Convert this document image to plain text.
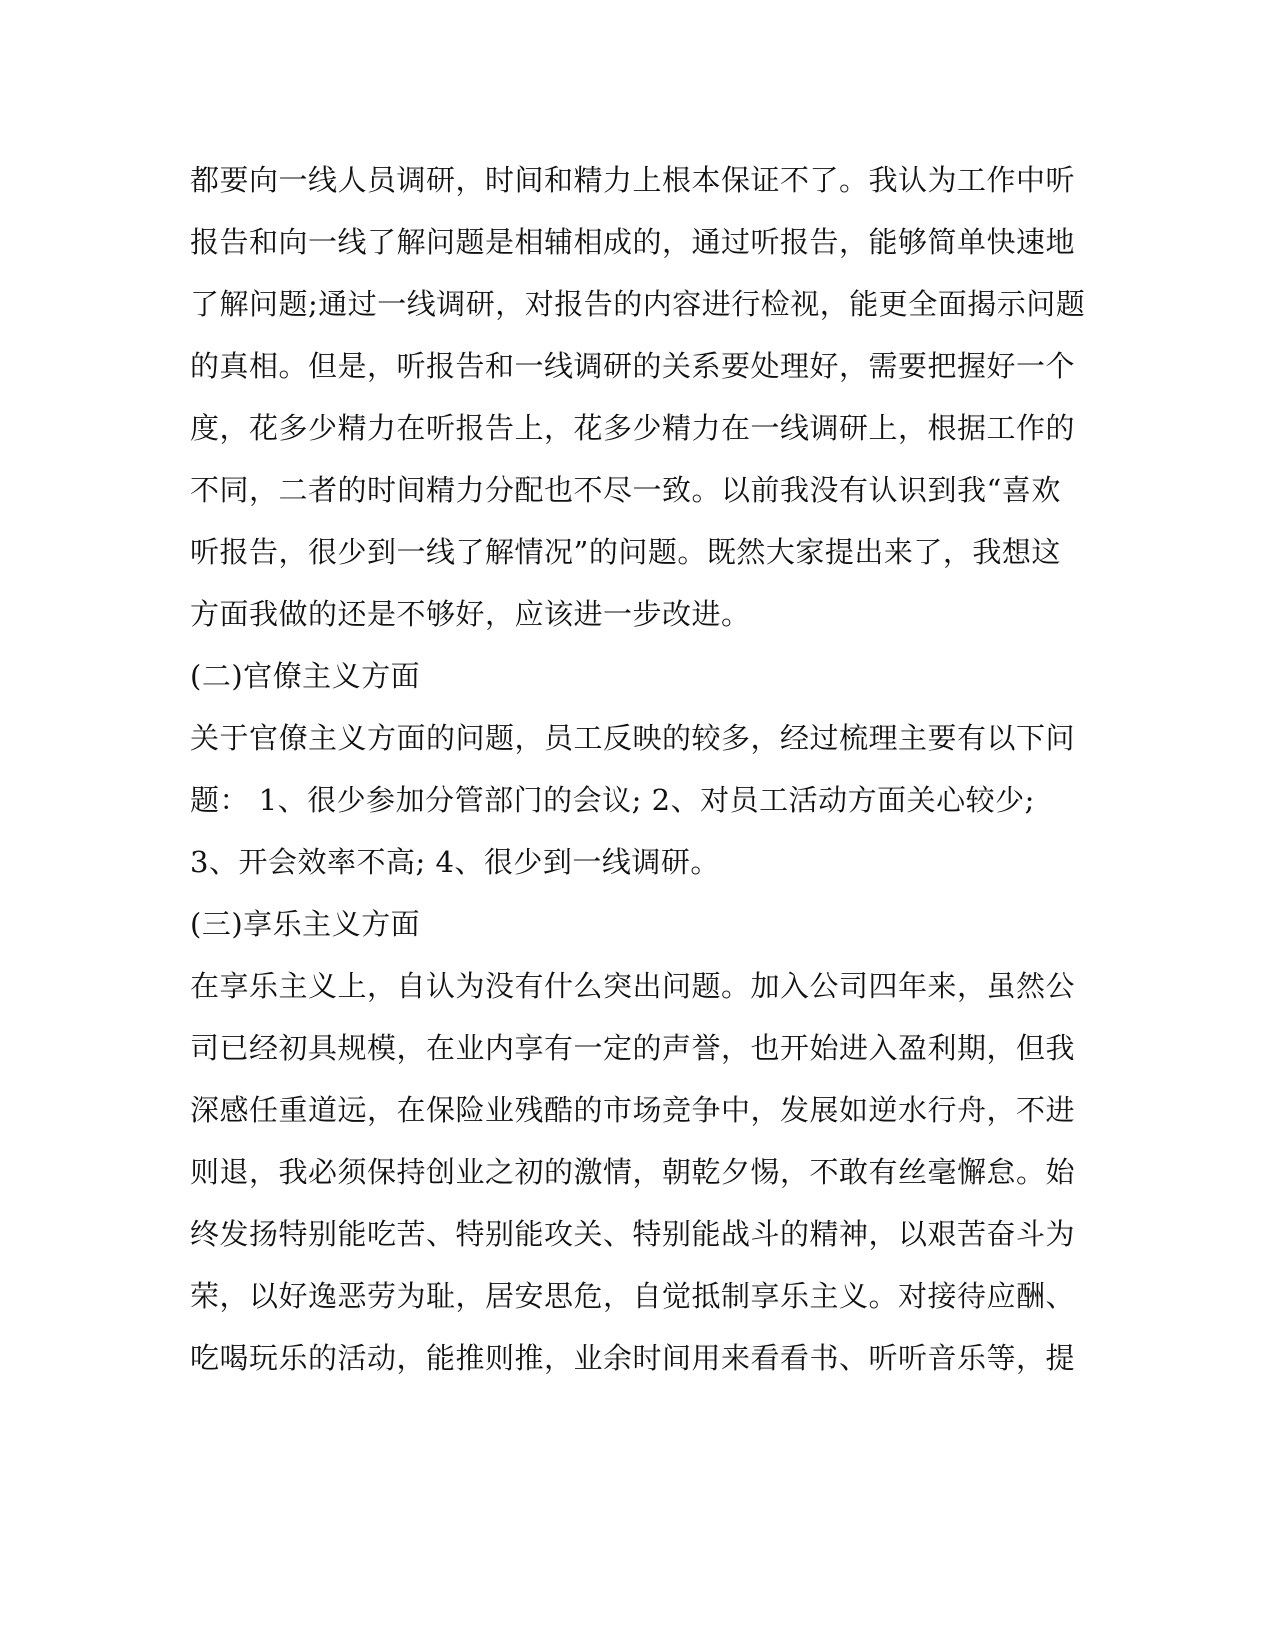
都要向一线人员调研，时间和精力上根本保证不了。我认为工作中听
报告和向一线了解问题是相辅相成的，通过听报告，能够简单快速地
了解问题;通过一线调研，对报告的内容进行检视，能更全面揭示问题
的真相。但是，听报告和一线调研的关系要处理好，需要把握好一个
度，花多少精力在听报告上，花多少精力在一线调研上，根据工作的
不同，二者的时间精力分配也不尽一致。以前我没有认识到我“喜欢
听报告，很少到一线了解情况”的问题。既然大家提出来了，我想这
方面我做的还是不够好，应该进一步改进。
(二)官僚主义方面
关于官僚主义方面的问题，员工反映的较多，经过梳理主要有以下问
题： 1、很少参加分管部门的会议; 2、对员工活动方面关心较少;
3、开会效率不高; 4、很少到一线调研。
(三)享乐主义方面
在享乐主义上，自认为没有什么突出问题。加入公司四年来，虽然公
司已经初具规模，在业内享有一定的声誉，也开始进入盈利期，但我
深感任重道远，在保险业残酷的市场竞争中，发展如逆水行舟，不进
则退，我必须保持创业之初的激情，朝乾夕惕，不敢有丝毫懈怠。始
终发扬特别能吃苦、特别能攻关、特别能战斗的精神，以艰苦奋斗为
荣，以好逸恶劳为耻，居安思危，自觉抵制享乐主义。对接待应酬、
吃喝玩乐的活动，能推则推，业余时间用来看看书、听听音乐等，提
